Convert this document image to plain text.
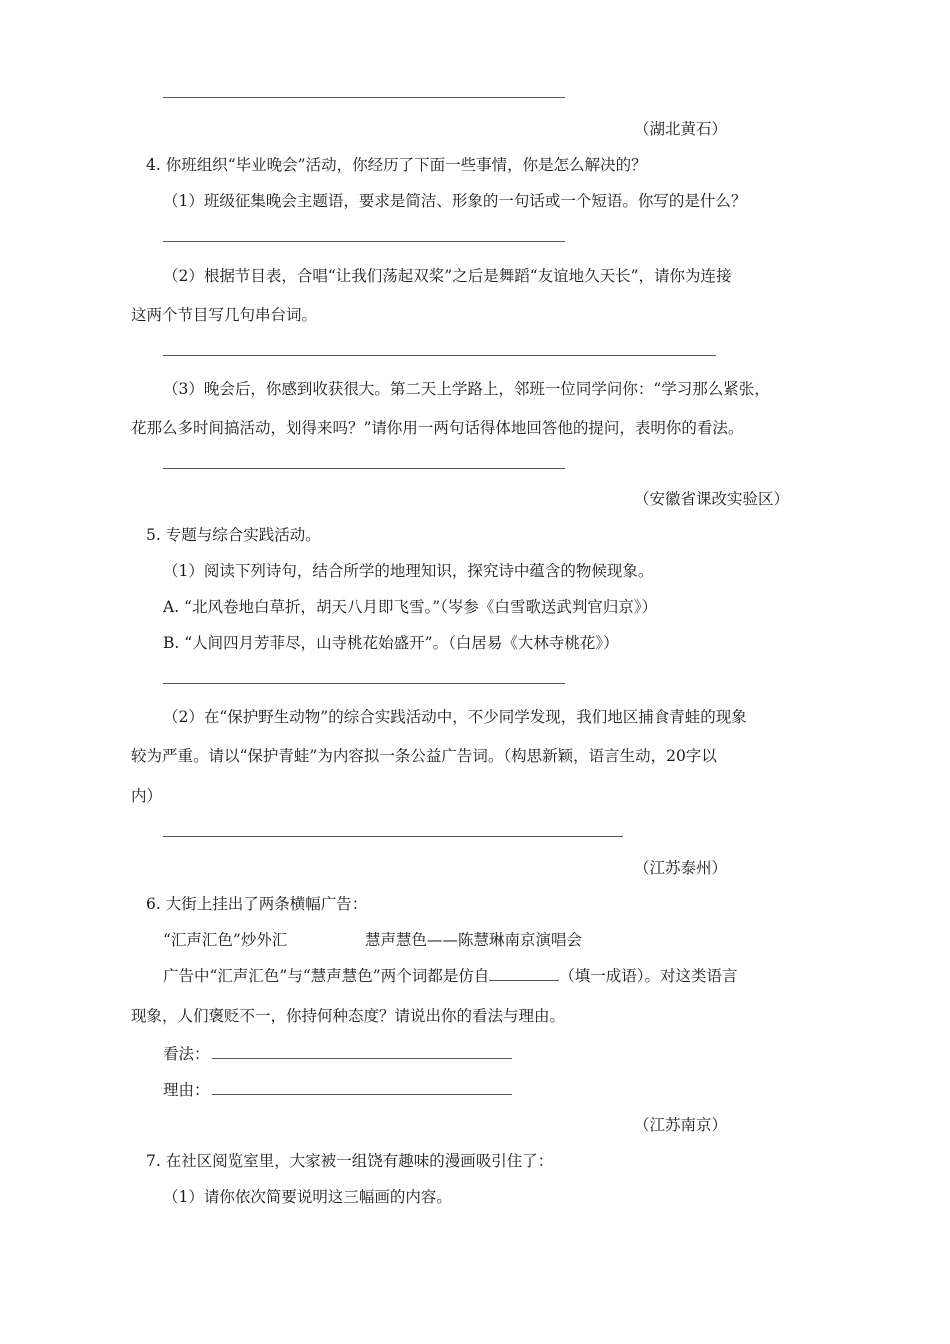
（湖北黄石）
4. 你班组织“毕业晚会”活动，你经历了下面一些事情，你是怎么解决的？
（1）班级征集晚会主题语，要求是简洁、形象的一句话或一个短语。你写的是什么？
（2）根据节目表，合唱“让我们荡起双桨”之后是舞蹈“友谊地久天长”，请你为连接
这两个节目写几句串台词。
（3）晚会后，你感到收获很大。第二天上学路上，邻班一位同学问你：“学习那么紧张，
花那么多时间搞活动，划得来吗？”请你用一两句话得体地回答他的提问，表明你的看法。
（安徽省课改实验区）
5. 专题与综合实践活动。
（1）阅读下列诗句，结合所学的地理知识，探究诗中蕴含的物候现象。
A. “北风卷地白草折，胡天八月即飞雪。”（岑参《白雪歌送武判官归京》）
B. “人间四月芳菲尽，山寺桃花始盛开”。（白居易《大林寺桃花》）
（2）在“保护野生动物”的综合实践活动中，不少同学发现，我们地区捕食青蛙的现象
较为严重。请以“保护青蛙”为内容拟一条公益广告词。（构思新颖，语言生动，20字以
内）
（江苏泰州）
6. 大街上挂出了两条横幅广告：
“汇声汇色”炒外汇	慧声慧色——陈慧琳南京演唱会
广告中“汇声汇色”与“慧声慧色”两个词都是仿自	（填一成语）。对这类语言
现象，人们褒贬不一，你持何种态度？请说出你的看法与理由。
看法：
理由：
（江苏南京）
7. 在社区阅览室里，大家被一组饶有趣味的漫画吸引住了：
（1）请你依次简要说明这三幅画的内容。
